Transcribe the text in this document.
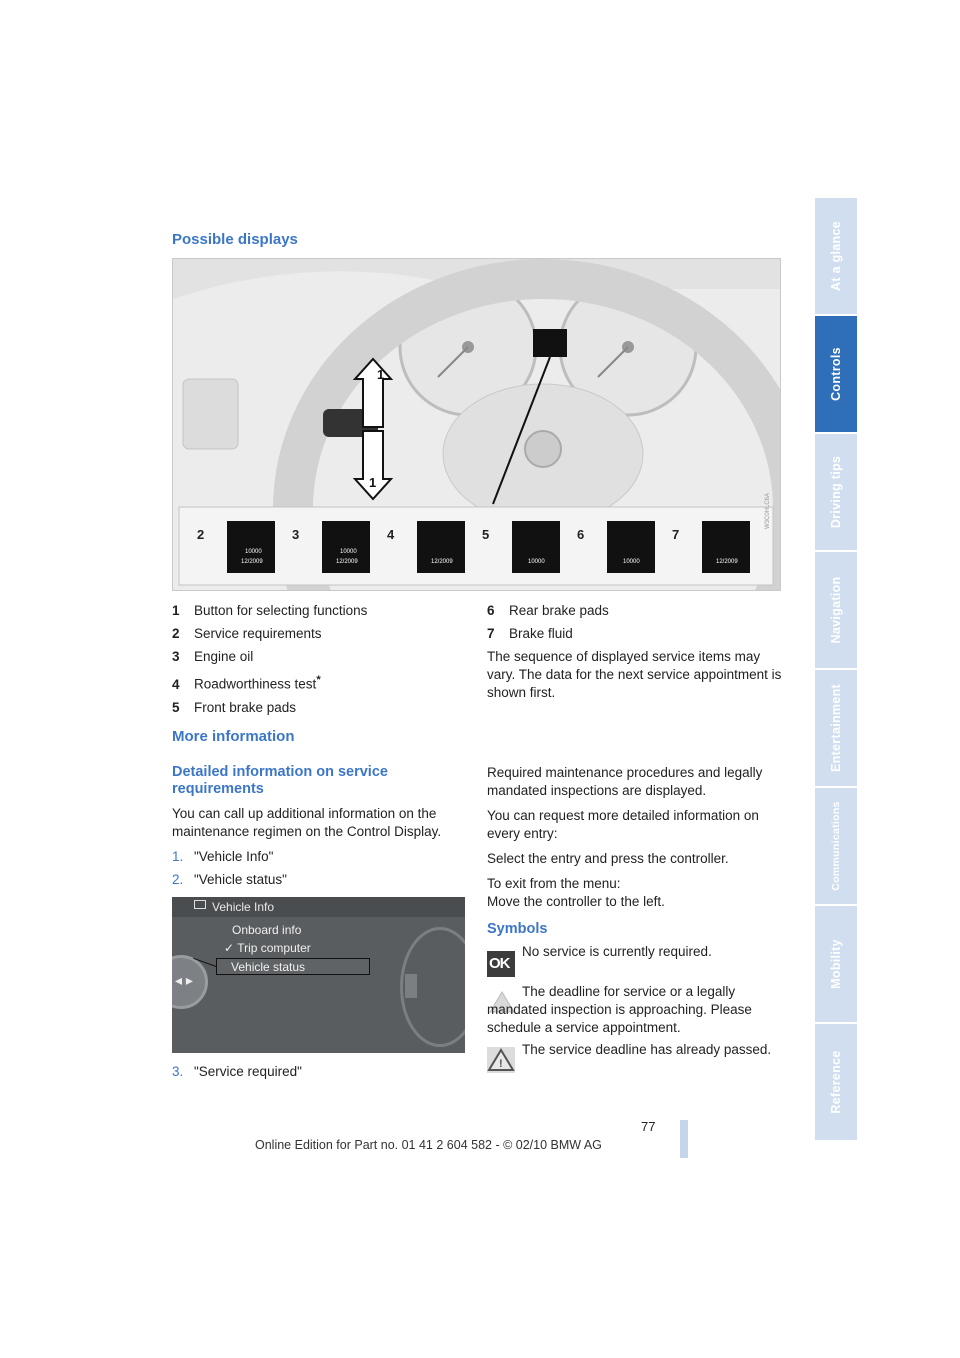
At a glance
Controls
Driving tips
Navigation
Entertainment
Communications
Mobility
Reference
Possible displays
1
1
2
10000
12/2009
3
10000
12/2009
4
12/2009
5
10000
6
10000
7
12/2009
W3C0HLC6A
1 Button for selecting functions
2 Service requirements
3 Engine oil
4 Roadworthiness test*
5 Front brake pads
6 Rear brake pads
7 Brake fluid

The sequence of displayed service items may vary. The data for the next service appointment is shown first.

More information
Detailed information on service requirements

You can call up additional information on the maintenance regimen on the Control Display.

1. "Vehicle Info"
2. "Vehicle status"
Vehicle Info
◂ ▸
Onboard info
✓ Trip computer
Vehicle status
3. "Service required"

Required maintenance procedures and legally mandated inspections are displayed.

You can request more detailed information on every entry:

Select the entry and press the controller.

To exit from the menu:

Move the controller to the left.

Symbols
OK

No service is currently required.

The deadline for service or a legally mandated inspection is approaching. Please schedule a service appointment.

!

The service deadline has already passed.

77
Online Edition for Part no. 01 41 2 604 582 - © 02/10 BMW AG
